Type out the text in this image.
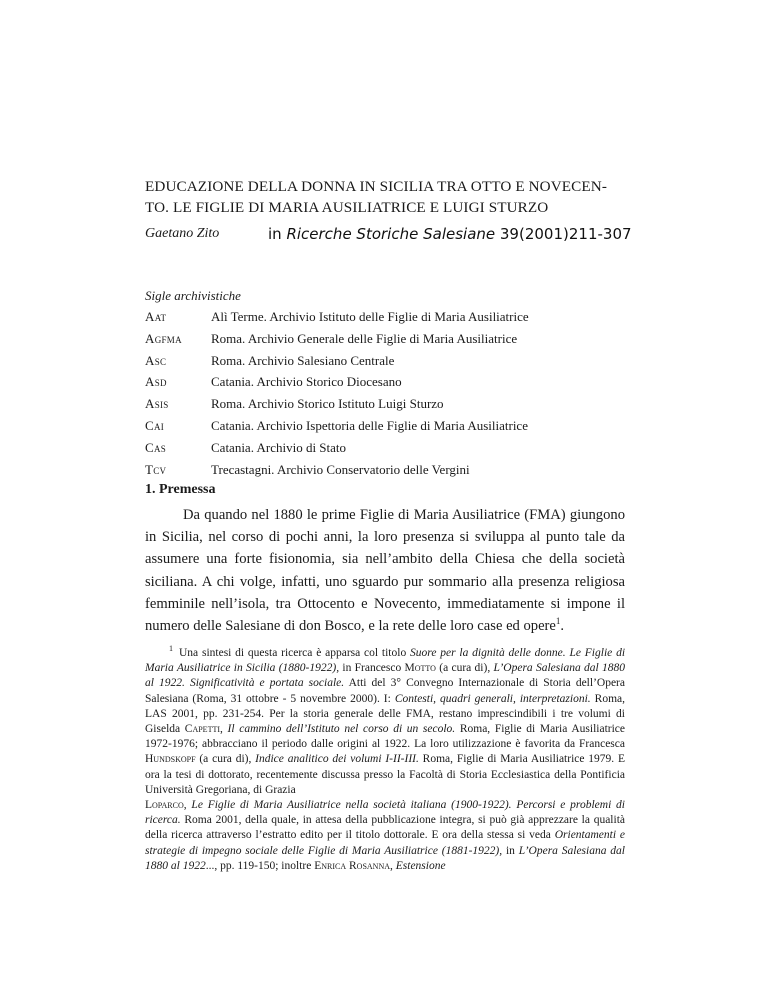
EDUCAZIONE DELLA DONNA IN SICILIA TRA OTTO E NOVECEN-
TO. LE FIGLIE DI MARIA AUSILIATRICE E LUIGI STURZO
Gaetano Zito	in Ricerche Storiche Salesiane 39(2001)211-307
Sigle archivistiche
Aat	Alì Terme. Archivio Istituto delle Figlie di Maria Ausiliatrice
Agfma	Roma. Archivio Generale delle Figlie di Maria Ausiliatrice
Asc	Roma. Archivio Salesiano Centrale
Asd	Catania. Archivio Storico Diocesano
Asis	Roma. Archivio Storico Istituto Luigi Sturzo
Cai	Catania. Archivio Ispettoria delle Figlie di Maria Ausiliatrice
Cas	Catania. Archivio di Stato
Tcv	Trecastagni. Archivio Conservatorio delle Vergini
1. Premessa

Da quando nel 1880 le prime Figlie di Maria Ausiliatrice (FMA) giungono in Sicilia, nel corso di pochi anni, la loro presenza si sviluppa al punto tale da assumere una forte fisionomia, sia nell’ambito della Chiesa che della società siciliana. A chi volge, infatti, uno sguardo pur sommario alla presenza religiosa femminile nell’isola, tra Ottocento e Novecento, immediatamente si impone il numero delle Salesiane di don Bosco, e la rete delle loro case ed opere$^1$.

$^1$ Una sintesi di questa ricerca è apparsa col titolo Suore per la dignità delle donne. Le Figlie di Maria Ausiliatrice in Sicilia (1880-1922), in Francesco Motto (a cura di), L’Opera Salesiana dal 1880 al 1922. Significatività e portata sociale. Atti del 3° Convegno Internazionale di Storia dell’Opera Salesiana (Roma, 31 ottobre - 5 novembre 2000). I: Contesti, quadri generali, interpretazioni. Roma, LAS 2001, pp. 231-254. Per la storia generale delle FMA, restano imprescindibili i tre volumi di Giselda Capetti, Il cammino dell’Istituto nel corso di un secolo. Roma, Figlie di Maria Ausiliatrice 1972-1976; abbracciano il periodo dalle origini al 1922. La loro utilizzazione è favorita da Francesca Hundskopf (a cura di), Indice analitico dei volumi I-II-III. Roma, Figlie di Maria Ausiliatrice 1979. E ora la tesi di dottorato, recentemente discussa presso la Facoltà di Storia Ecclesiastica della Pontificia Università Gregoriana, di Grazia
Loparco, Le Figlie di Maria Ausiliatrice nella società italiana (1900-1922). Percorsi e problemi di ricerca. Roma 2001, della quale, in attesa della pubblicazione integra, si può già apprezzare la qualità della ricerca attraverso l’estratto edito per il titolo dottorale. E ora della stessa si veda Orientamenti e strategie di impegno sociale delle Figlie di Maria Ausiliatrice (1881-1922), in L’Opera Salesiana dal 1880 al 1922..., pp. 119-150; inoltre Enrica Rosanna, Estensione
